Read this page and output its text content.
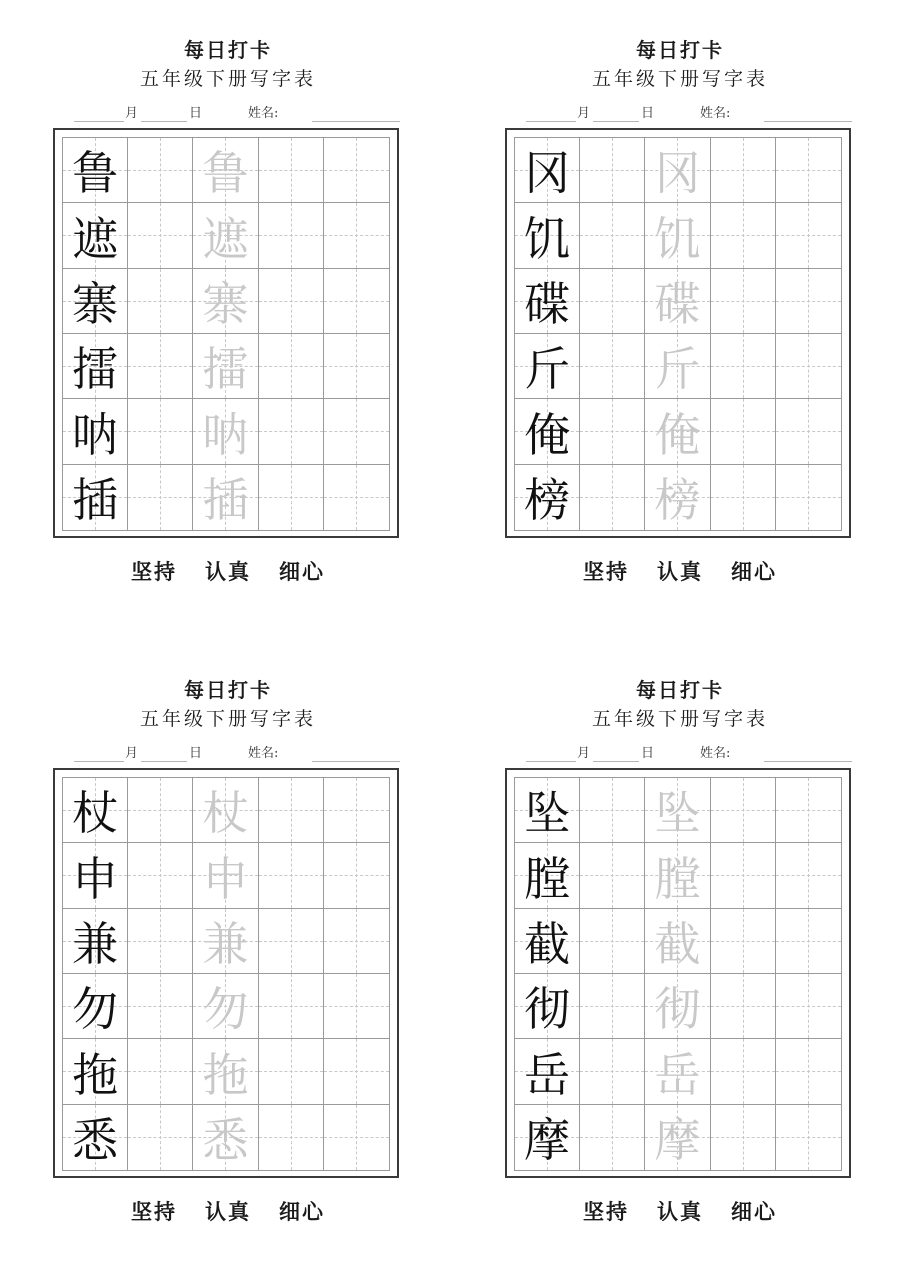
每日打卡
五年级下册写字表
月	日	姓名:
鲁 鲁
遮 遮
寨 寨
擂 擂
呐 呐
插 插
坚持 认真 细心
每日打卡
五年级下册写字表
月	日	姓名:
冈 冈
饥 饥
碟 碟
斤 斤
俺 俺
榜 榜
坚持 认真 细心
每日打卡
五年级下册写字表
月	日	姓名:
杖 杖
申 申
兼 兼
勿 勿
拖 拖
悉 悉
坚持 认真 细心
每日打卡
五年级下册写字表
月	日	姓名:
坠 坠
膛 膛
截 截
彻 彻
岳 岳
摩 摩
坚持 认真 细心
